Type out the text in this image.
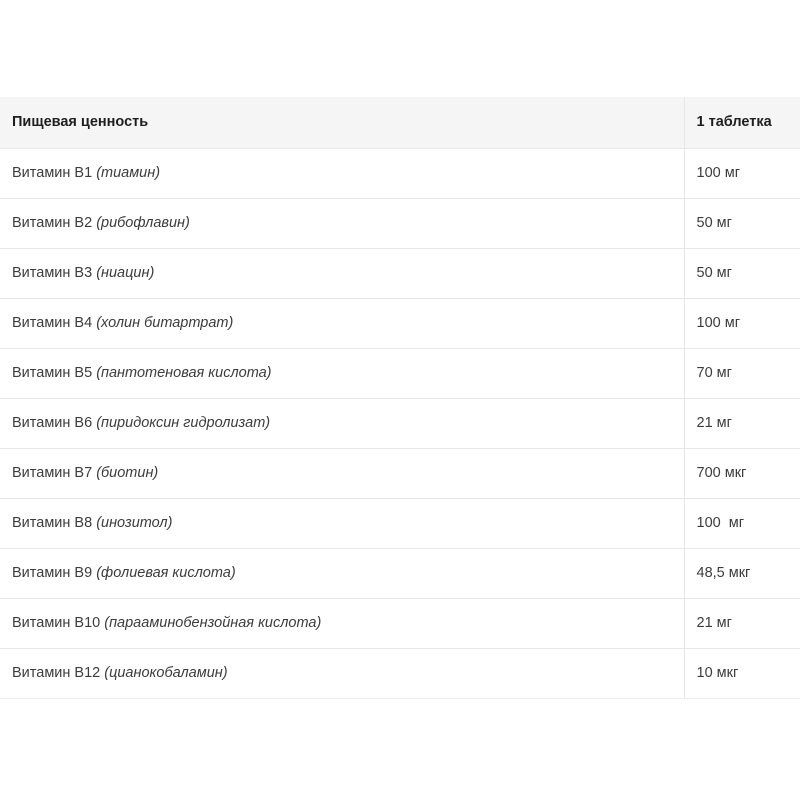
Пищевая ценность	1 таблетка
Витамин B1 (тиамин)	100 мг
Витамин B2 (рибофлавин)	50 мг
Витамин B3 (ниацин)	50 мг
Витамин B4 (холин битартрат)	100 мг
Витамин B5 (пантотеновая кислота)	70 мг
Витамин B6 (пиридоксин гидролизат)	21 мг
Витамин B7 (биотин)	700 мкг
Витамин B8 (инозитол)	100  мг
Витамин B9 (фолиевая кислота)	48,5 мкг
Витамин B10 (парааминобензойная кислота)	21 мг
Витамин B12 (цианокобаламин)	10 мкг
